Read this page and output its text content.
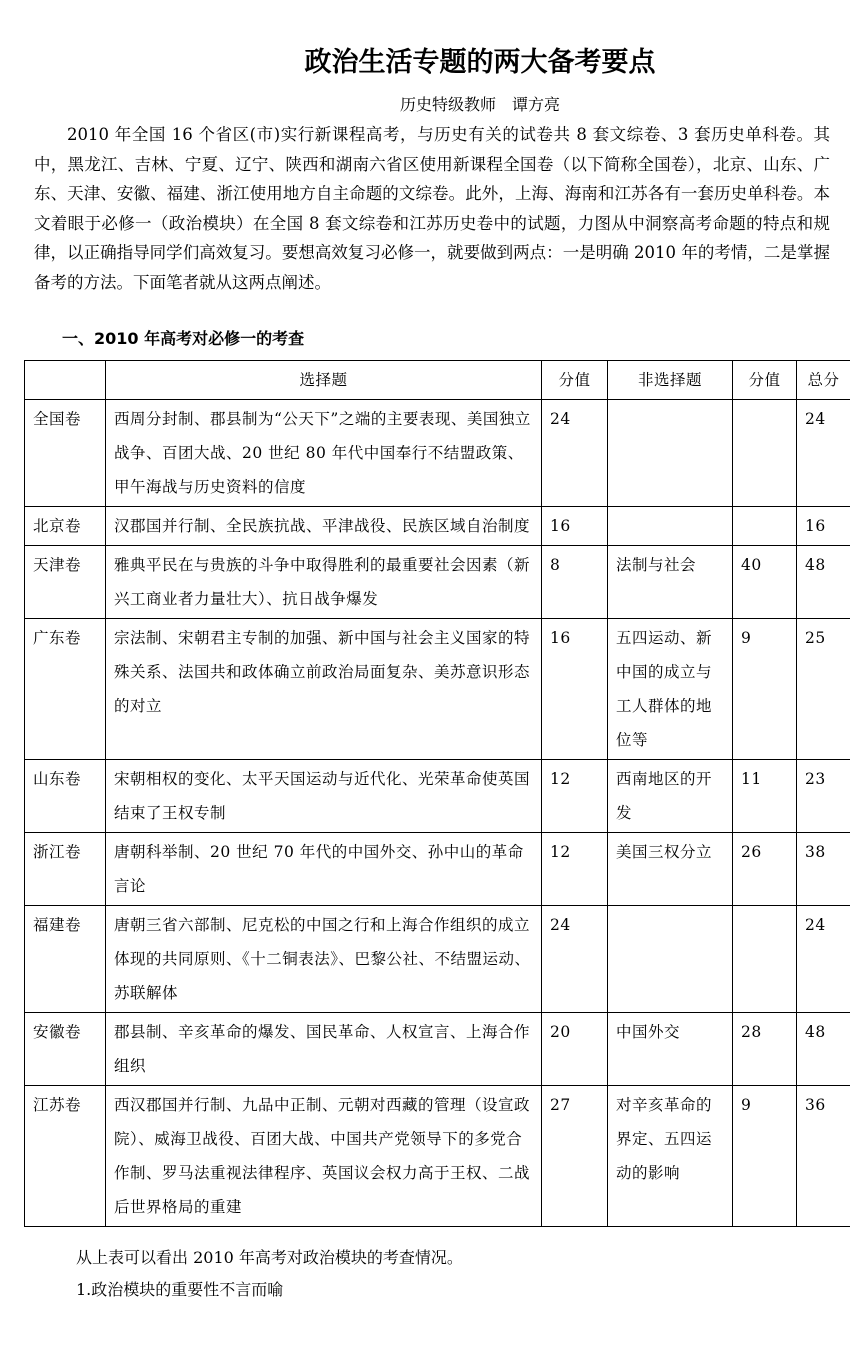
政治生活专题的两大备考要点
历史特级教师　谭方亮

2010 年全国 16 个省区(市)实行新课程高考，与历史有关的试卷共 8 套文综卷、3 套历史单科卷。其中，黑龙江、吉林、宁夏、辽宁、陕西和湖南六省区使用新课程全国卷（以下简称全国卷），北京、山东、广东、天津、安徽、福建、浙江使用地方自主命题的文综卷。此外，上海、海南和江苏各有一套历史单科卷。本文着眼于必修一（政治模块）在全国 8 套文综卷和江苏历史卷中的试题，力图从中洞察高考命题的特点和规律，以正确指导同学们高效复习。要想高效复习必修一，就要做到两点：一是明确 2010 年的考情，二是掌握备考的方法。下面笔者就从这两点阐述。

一、2010 年高考对必修一的考查
	选择题	分值	非选择题	分值	总分
全国卷	西周分封制、郡县制为“公天下”之端的主要表现、美国独立战争、百团大战、20 世纪 80 年代中国奉行不结盟政策、甲午海战与历史资料的信度	24			24
北京卷	汉郡国并行制、全民族抗战、平津战役、民族区域自治制度	16			16
天津卷	雅典平民在与贵族的斗争中取得胜利的最重要社会因素（新兴工商业者力量壮大）、抗日战争爆发	8	法制与社会	40	48
广东卷	宗法制、宋朝君主专制的加强、新中国与社会主义国家的特殊关系、法国共和政体确立前政治局面复杂、美苏意识形态的对立	16	五四运动、新中国的成立与工人群体的地位等	9	25
山东卷	宋朝相权的变化、太平天国运动与近代化、光荣革命使英国结束了王权专制	12	西南地区的开发	11	23
浙江卷	唐朝科举制、20 世纪 70 年代的中国外交、孙中山的革命言论	12	美国三权分立	26	38
福建卷	唐朝三省六部制、尼克松的中国之行和上海合作组织的成立体现的共同原则、《十二铜表法》、巴黎公社、不结盟运动、苏联解体	24			24
安徽卷	郡县制、辛亥革命的爆发、国民革命、人权宣言、上海合作组织	20	中国外交	28	48
江苏卷	西汉郡国并行制、九品中正制、元朝对西藏的管理（设宣政院）、威海卫战役、百团大战、中国共产党领导下的多党合作制、罗马法重视法律程序、英国议会权力高于王权、二战后世界格局的重建	27	对辛亥革命的界定、五四运动的影响	9	36
从上表可以看出 2010 年高考对政治模块的考查情况。
1.政治模块的重要性不言而喻
